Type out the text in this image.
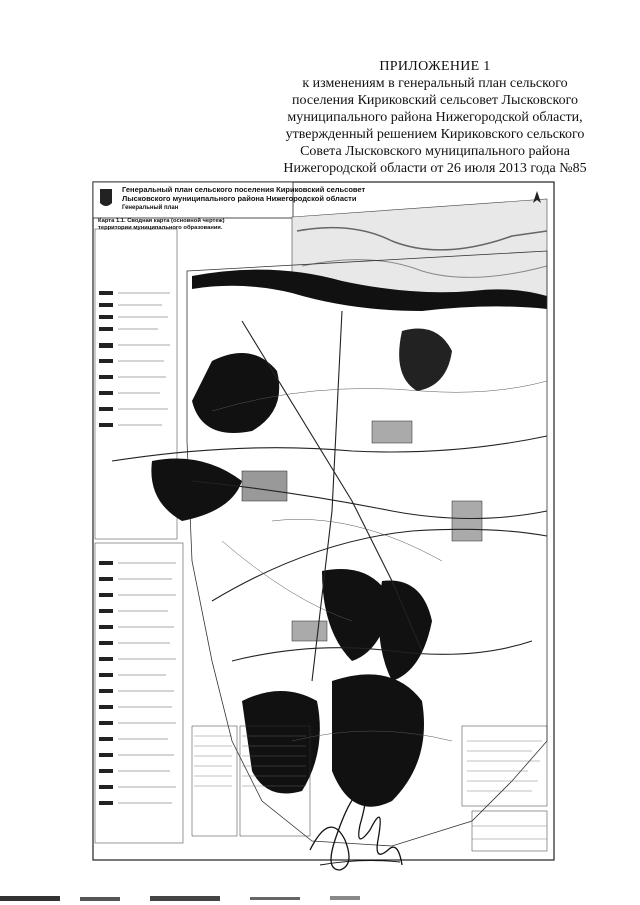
ПРИЛОЖЕНИЕ 1
к изменениям в генеральный план сельского
поселения Кириковский сельсовет Лысковского
муниципального района Нижегородской области,
утвержденный решением Кириковского сельского
Совета Лысковского муниципального района
Нижегородской области от 26 июля 2013 года №85
Генеральный план сельского поселения Кириковский сельсовет
Лысковского муниципального района Нижегородской области
Генеральный план
Карта 1.1. Сводная карта (основной чертеж)
территории муниципального образования.
